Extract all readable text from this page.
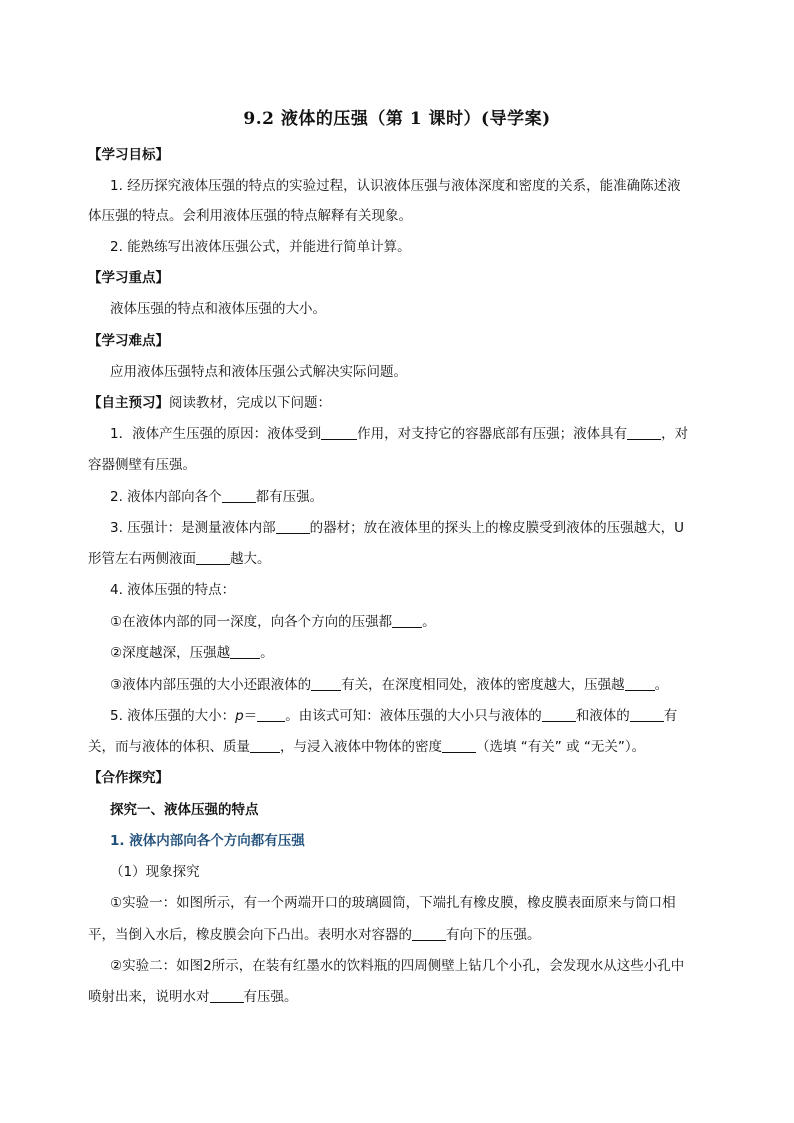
9.2 液体的压强（第 1 课时）(导学案)
【学习目标】
1. 经历探究液体压强的特点的实验过程，认识液体压强与液体深度和密度的关系，能准确陈述液
体压强的特点。会利用液体压强的特点解释有关现象。
2. 能熟练写出液体压强公式，并能进行简单计算。
【学习重点】
液体压强的特点和液体压强的大小。
【学习难点】
应用液体压强特点和液体压强公式解决实际问题。
【自主预习】阅读教材，完成以下问题：
1．液体产生压强的原因：液体受到	作用，对支持它的容器底部有压强；液体具有	，对
容器侧壁有压强。
2. 液体内部向各个	都有压强。
3. 压强计：是测量液体内部	的器材；放在液体里的探头上的橡皮膜受到液体的压强越大，U
形管左右两侧液面	越大。
4. 液体压强的特点：
①在液体内部的同一深度，向各个方向的压强都 。
②深度越深，压强越 。
③液体内部压强的大小还跟液体的 有关，在深度相同处，液体的密度越大，压强越 。
5. 液体压强的大小：p＝ 。由该式可知：液体压强的大小只与液体的	和液体的	有
关，而与液体的体积、质量 ，与浸入液体中物体的密度	（选填 “有关” 或 “无关”）。
【合作探究】
探究一、液体压强的特点
1. 液体内部向各个方向都有压强
（1）现象探究
①实验一：如图所示，有一个两端开口的玻璃圆筒，下端扎有橡皮膜，橡皮膜表面原来与筒口相
平，当倒入水后，橡皮膜会向下凸出。表明水对容器的	有向下的压强。
②实验二：如图2所示，在装有红墨水的饮料瓶的四周侧壁上钻几个小孔，会发现水从这些小孔中
喷射出来，说明水对	有压强。
